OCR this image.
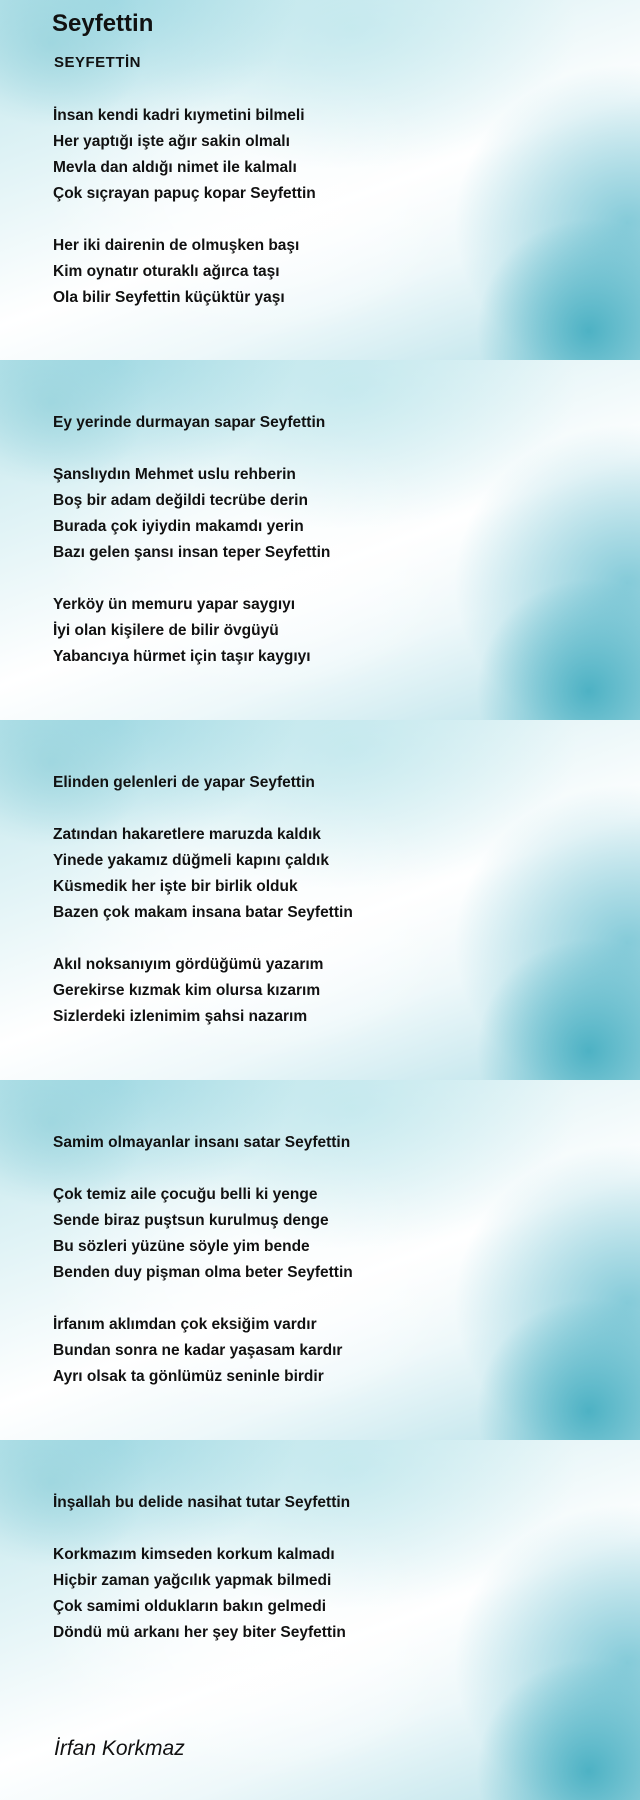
Seyfettin
SEYFETTİN
İnsan kendi kadri kıymetini bilmeli
Her yaptığı işte ağır sakin olmalı
Mevla dan aldığı nimet ile kalmalı
Çok sıçrayan papuç kopar Seyfettin
Her iki dairenin de olmuşken başı
Kim oynatır oturaklı ağırca taşı
Ola bilir Seyfettin küçüktür yaşı
Ey yerinde durmayan sapar Seyfettin
Şanslıydın Mehmet uslu rehberin
Boş bir adam değildi tecrübe derin
Burada çok iyiydin makamdı yerin
Bazı gelen şansı insan teper Seyfettin
Yerköy ün memuru yapar saygıyı
İyi olan kişilere de bilir övgüyü
Yabancıya hürmet için taşır kaygıyı
Elinden gelenleri de yapar Seyfettin
Zatından hakaretlere maruzda kaldık
Yinede yakamız düğmeli kapını çaldık
Küsmedik her işte bir birlik olduk
Bazen çok makam insana batar Seyfettin
Akıl noksanıyım gördüğümü yazarım
Gerekirse kızmak kim olursa kızarım
Sizlerdeki izlenimim şahsi nazarım
Samim olmayanlar insanı satar Seyfettin
Çok temiz aile çocuğu belli ki yenge
Sende biraz puştsun kurulmuş denge
Bu sözleri yüzüne söyle yim bende
Benden duy pişman olma beter Seyfettin
İrfanım aklımdan çok eksiğim vardır
Bundan sonra ne kadar yaşasam kardır
Ayrı olsak ta gönlümüz seninle birdir
İnşallah bu delide nasihat tutar Seyfettin
Korkmazım kimseden korkum kalmadı
Hiçbir zaman yağcılık yapmak bilmedi
Çok samimi oldukların bakın gelmedi
Döndü mü arkanı her şey biter Seyfettin
İrfan Korkmaz
